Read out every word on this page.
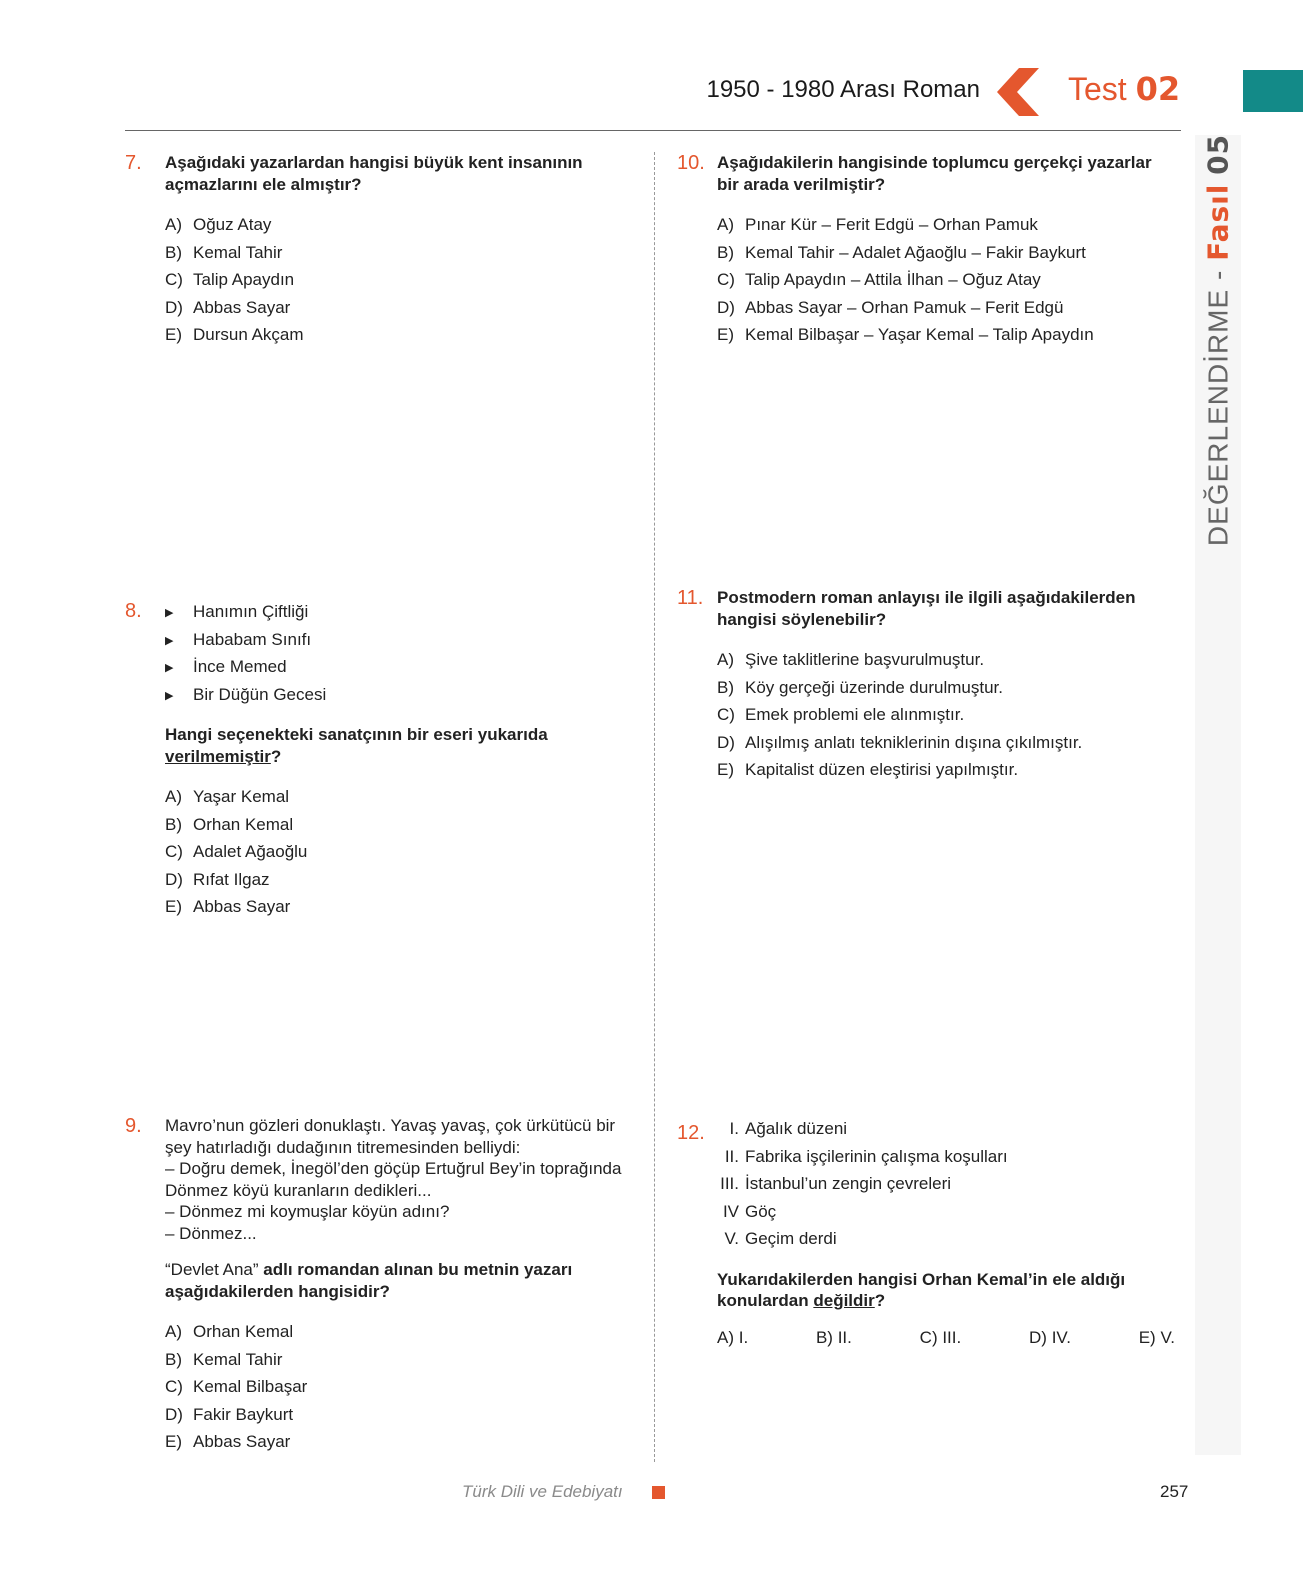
1950 - 1980 Arası Roman	Test 02
DEĞERLENDİRME - Fasıl 05
7. Aşağıdaki yazarlardan hangisi büyük kent insanının açmazlarını ele almıştır?

A) Oğuz Atay
B) Kemal Tahir
C) Talip Apaydın
D) Abbas Sayar
E) Dursun Akçam
8. ▶ Hanımın Çiftliği
▶ Hababam Sınıfı
▶ İnce Memed
▶ Bir Düğün Gecesi

Hangi seçenekteki sanatçının bir eseri yukarıda verilmemiştir?

A) Yaşar Kemal
B) Orhan Kemal
C) Adalet Ağaoğlu
D) Rıfat Ilgaz
E) Abbas Sayar
9. Mavro’nun gözleri donuklaştı. Yavaş yavaş, çok ürkütücü bir şey hatırladığı dudağının titremesinden belliydi:
– Doğru demek, İnegöl’den göçüp Ertuğrul Bey’in toprağında Dönmez köyü kuranların dedikleri...
– Dönmez mi koymuşlar köyün adını?
– Dönmez...

“Devlet Ana” adlı romandan alınan bu metnin yazarı aşağıdakilerden hangisidir?

A) Orhan Kemal
B) Kemal Tahir
C) Kemal Bilbaşar
D) Fakir Baykurt
E) Abbas Sayar
10. Aşağıdakilerin hangisinde toplumcu gerçekçi yazarlar bir arada verilmiştir?

A) Pınar Kür – Ferit Edgü – Orhan Pamuk
B) Kemal Tahir – Adalet Ağaoğlu – Fakir Baykurt
C) Talip Apaydın – Attila İlhan – Oğuz Atay
D) Abbas Sayar – Orhan Pamuk – Ferit Edgü
E) Kemal Bilbaşar – Yaşar Kemal – Talip Apaydın
11. Postmodern roman anlayışı ile ilgili aşağıdakilerden hangisi söylenebilir?

A) Şive taklitlerine başvurulmuştur.
B) Köy gerçeği üzerinde durulmuştur.
C) Emek problemi ele alınmıştır.
D) Alışılmış anlatı tekniklerinin dışına çıkılmıştır.
E) Kapitalist düzen eleştirisi yapılmıştır.
12.	I. Ağalık düzeni
II. Fabrika işçilerinin çalışma koşulları
III. İstanbul’un zengin çevreleri
IV Göç
V. Geçim derdi

Yukarıdakilerden hangisi Orhan Kemal’in ele aldığı konulardan değildir?

A) I.	B) II.	C) III.	D) IV.	E) V.
Türk Dili ve Edebiyatı	257
